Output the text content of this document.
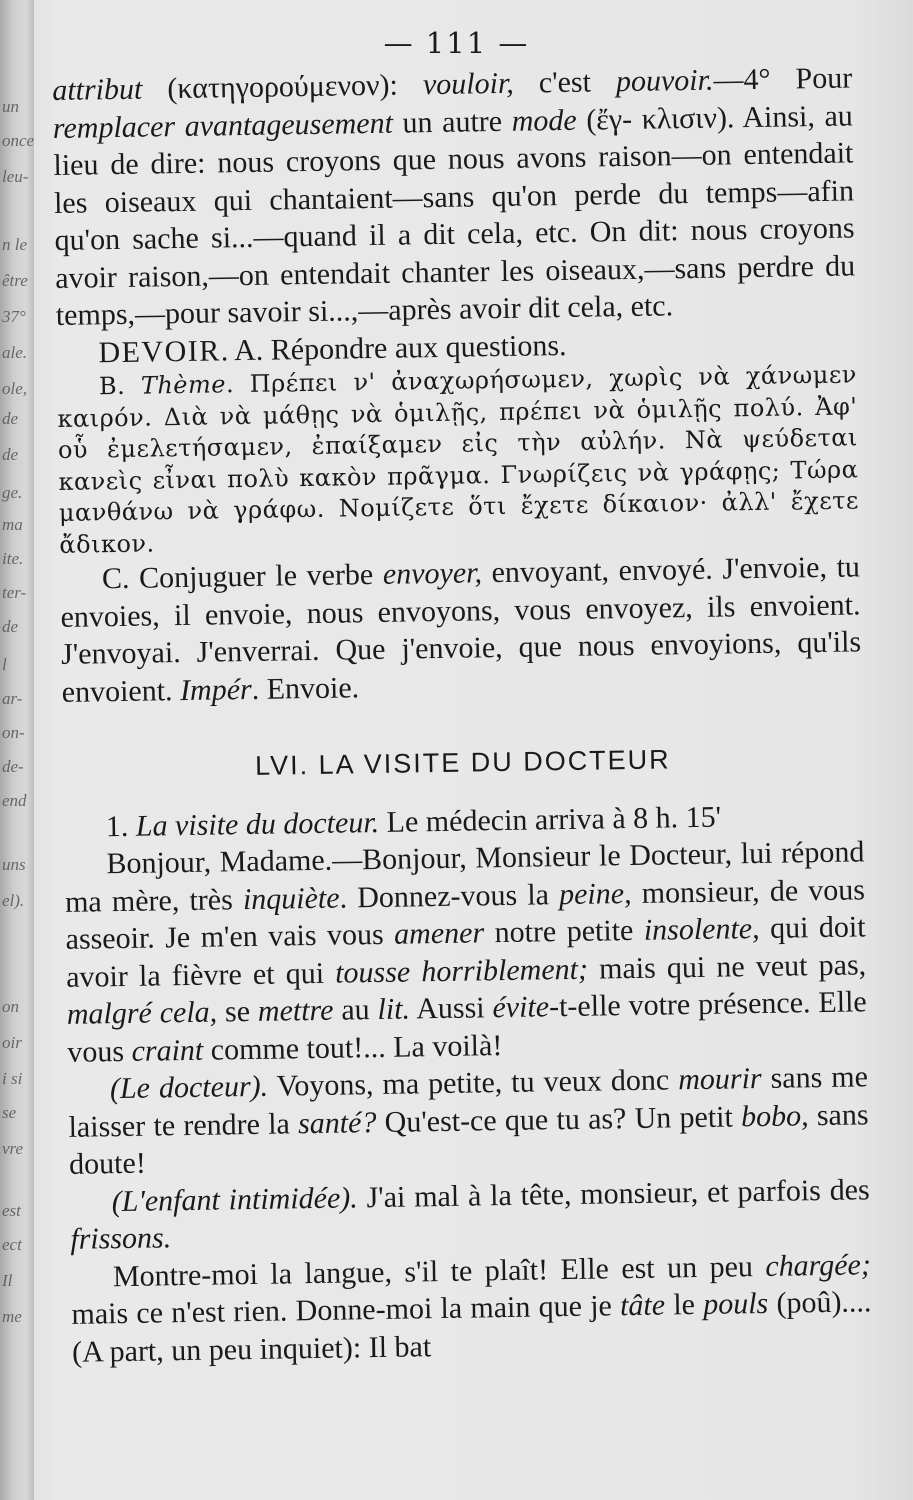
un
once
leu-
n le
être
37°
ale.
ole,
de
de
ge.
ma
ite.
ter-
de
l
ar-
on-
de-
end
uns
el).
on
oir
i si
se
vre
est
ect
Il
me
— 111 —

attribut (κατηγορούμενον): vouloir, c'est pouvoir.—4° Pour remplacer avantageusement un autre mode (ἔγ- κλισιν). Ainsi, au lieu de dire: nous croyons que nous avons raison—on entendait les oiseaux qui chantaient—sans qu'on perde du temps—afin qu'on sache si...—quand il a dit cela, etc. On dit: nous croyons avoir raison,—on entendait chanter les oiseaux,—sans perdre du temps,—pour savoir si...,—après avoir dit cela, etc.

DEVOIR. A. Répondre aux questions.

B. Thème. Πρέπει ν' ἀναχωρήσωμεν, χωρὶς νὰ χάνωμεν καιρόν. Διὰ νὰ μάθῃς νὰ ὁμιλῇς, πρέπει νὰ ὁμιλῇς πολύ. Ἀφ' οὗ ἐμελετήσαμεν, ἐπαίξαμεν εἰς τὴν αὐλήν. Νὰ ψεύδεται κανεὶς εἶναι πολὺ κακὸν πρᾶγμα. Γνωρίζεις νὰ γράφῃς; Τώρα μανθάνω νὰ γράφω. Νομίζετε ὅτι ἔχετε δίκαιον· ἀλλ' ἔχετε ἄδικον.

C. Conjuguer le verbe envoyer, envoyant, envoyé. J'envoie, tu envoies, il envoie, nous envoyons, vous envoyez, ils envoient. J'envoyai. J'enverrai. Que j'envoie, que nous envoyions, qu'ils envoient. Impér. Envoie.

LVI. LA VISITE DU DOCTEUR

1. La visite du docteur. Le médecin arriva à 8 h. 15'

Bonjour, Madame.—Bonjour, Monsieur le Docteur, lui répond ma mère, très inquiète. Donnez-vous la peine, monsieur, de vous asseoir. Je m'en vais vous amener notre petite insolente, qui doit avoir la fièvre et qui tousse horriblement; mais qui ne veut pas, malgré cela, se mettre au lit. Aussi évite-t-elle votre présence. Elle vous craint comme tout!... La voilà!

(Le docteur). Voyons, ma petite, tu veux donc mourir sans me laisser te rendre la santé? Qu'est-ce que tu as? Un petit bobo, sans doute!

(L'enfant intimidée). J'ai mal à la tête, monsieur, et parfois des frissons.

Montre-moi la langue, s'il te plaît! Elle est un peu chargée; mais ce n'est rien. Donne-moi la main que je tâte le pouls (poû).... (A part, un peu inquiet): Il bat
